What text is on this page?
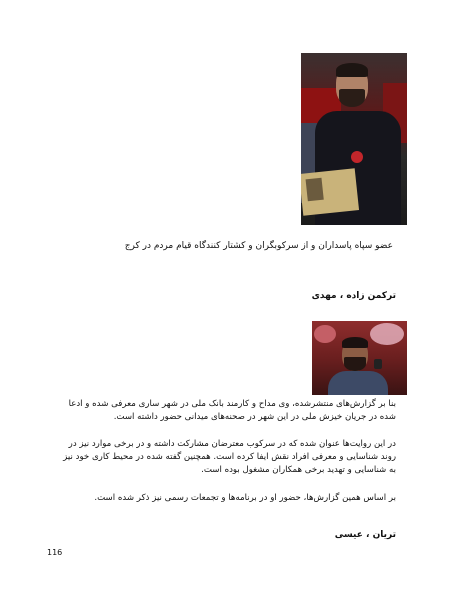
عضو سپاه پاسداران و از سرکوبگران و کشتار کنندگاه قیام مردم در کرج
ترکمن زاده ، مهدی
بنا بر گزارش‌های منتشرشده، وی مداح و کارمند بانک ملی در شهر ساری معرفی شده و ادعا شده در جریان خیزش ملی در این شهر در صحنه‌های میدانی حضور داشته است.
در این روایت‌ها عنوان شده که در سرکوب معترضان مشارکت داشته و در برخی موارد نیز در روند شناسایی و معرفی افراد نقش ایفا کرده است. همچنین گفته شده در محیط کاری خود نیز به شناسایی و تهدید برخی همکاران مشغول بوده است.
بر اساس همین گزارش‌ها، حضور او در برنامه‌ها و تجمعات رسمی نیز ذکر شده است.
تریان ، عیسی
116
